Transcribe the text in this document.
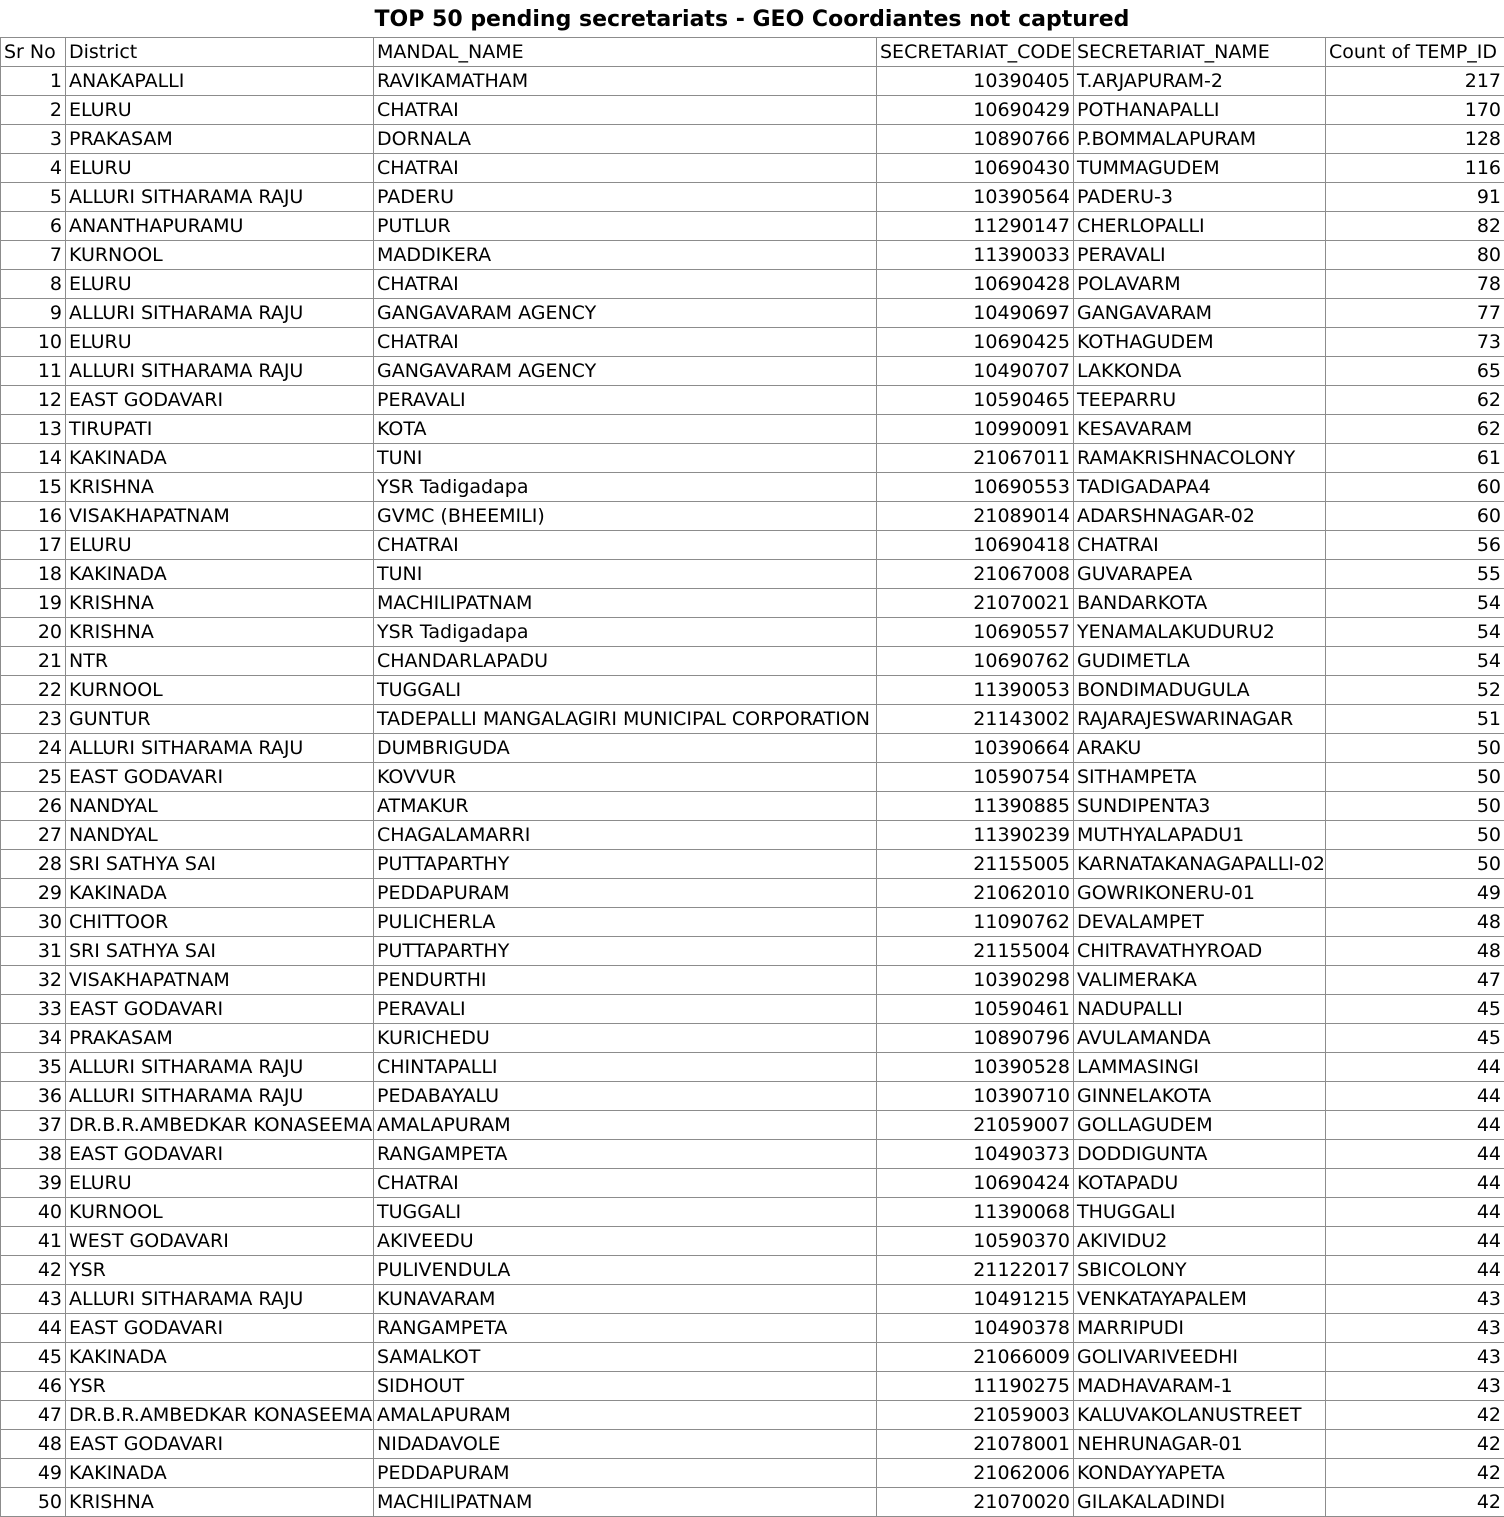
TOP 50 pending secretariats - GEO Coordiantes not captured
Sr No	District	MANDAL_NAME	SECRETARIAT_CODE	SECRETARIAT_NAME	Count of TEMP_ID
1	ANAKAPALLI	RAVIKAMATHAM	10390405	T.ARJAPURAM-2	217
2	ELURU	CHATRAI	10690429	POTHANAPALLI	170
3	PRAKASAM	DORNALA	10890766	P.BOMMALAPURAM	128
4	ELURU	CHATRAI	10690430	TUMMAGUDEM	116
5	ALLURI SITHARAMA RAJU	PADERU	10390564	PADERU-3	91
6	ANANTHAPURAMU	PUTLUR	11290147	CHERLOPALLI	82
7	KURNOOL	MADDIKERA	11390033	PERAVALI	80
8	ELURU	CHATRAI	10690428	POLAVARM	78
9	ALLURI SITHARAMA RAJU	GANGAVARAM AGENCY	10490697	GANGAVARAM	77
10	ELURU	CHATRAI	10690425	KOTHAGUDEM	73
11	ALLURI SITHARAMA RAJU	GANGAVARAM AGENCY	10490707	LAKKONDA	65
12	EAST GODAVARI	PERAVALI	10590465	TEEPARRU	62
13	TIRUPATI	KOTA	10990091	KESAVARAM	62
14	KAKINADA	TUNI	21067011	RAMAKRISHNACOLONY	61
15	KRISHNA	YSR Tadigadapa	10690553	TADIGADAPA4	60
16	VISAKHAPATNAM	GVMC (BHEEMILI)	21089014	ADARSHNAGAR-02	60
17	ELURU	CHATRAI	10690418	CHATRAI	56
18	KAKINADA	TUNI	21067008	GUVARAPEA	55
19	KRISHNA	MACHILIPATNAM	21070021	BANDARKOTA	54
20	KRISHNA	YSR Tadigadapa	10690557	YENAMALAKUDURU2	54
21	NTR	CHANDARLAPADU	10690762	GUDIMETLA	54
22	KURNOOL	TUGGALI	11390053	BONDIMADUGULA	52
23	GUNTUR	TADEPALLI MANGALAGIRI MUNICIPAL CORPORATION	21143002	RAJARAJESWARINAGAR	51
24	ALLURI SITHARAMA RAJU	DUMBRIGUDA	10390664	ARAKU	50
25	EAST GODAVARI	KOVVUR	10590754	SITHAMPETA	50
26	NANDYAL	ATMAKUR	11390885	SUNDIPENTA3	50
27	NANDYAL	CHAGALAMARRI	11390239	MUTHYALAPADU1	50
28	SRI SATHYA SAI	PUTTAPARTHY	21155005	KARNATAKANAGAPALLI-02	50
29	KAKINADA	PEDDAPURAM	21062010	GOWRIKONERU-01	49
30	CHITTOOR	PULICHERLA	11090762	DEVALAMPET	48
31	SRI SATHYA SAI	PUTTAPARTHY	21155004	CHITRAVATHYROAD	48
32	VISAKHAPATNAM	PENDURTHI	10390298	VALIMERAKA	47
33	EAST GODAVARI	PERAVALI	10590461	NADUPALLI	45
34	PRAKASAM	KURICHEDU	10890796	AVULAMANDA	45
35	ALLURI SITHARAMA RAJU	CHINTAPALLI	10390528	LAMMASINGI	44
36	ALLURI SITHARAMA RAJU	PEDABAYALU	10390710	GINNELAKOTA	44
37	DR.B.R.AMBEDKAR KONASEEMA	AMALAPURAM	21059007	GOLLAGUDEM	44
38	EAST GODAVARI	RANGAMPETA	10490373	DODDIGUNTA	44
39	ELURU	CHATRAI	10690424	KOTAPADU	44
40	KURNOOL	TUGGALI	11390068	THUGGALI	44
41	WEST GODAVARI	AKIVEEDU	10590370	AKIVIDU2	44
42	YSR	PULIVENDULA	21122017	SBICOLONY	44
43	ALLURI SITHARAMA RAJU	KUNAVARAM	10491215	VENKATAYAPALEM	43
44	EAST GODAVARI	RANGAMPETA	10490378	MARRIPUDI	43
45	KAKINADA	SAMALKOT	21066009	GOLIVARIVEEDHI	43
46	YSR	SIDHOUT	11190275	MADHAVARAM-1	43
47	DR.B.R.AMBEDKAR KONASEEMA	AMALAPURAM	21059003	KALUVAKOLANUSTREET	42
48	EAST GODAVARI	NIDADAVOLE	21078001	NEHRUNAGAR-01	42
49	KAKINADA	PEDDAPURAM	21062006	KONDAYYAPETA	42
50	KRISHNA	MACHILIPATNAM	21070020	GILAKALADINDI	42
